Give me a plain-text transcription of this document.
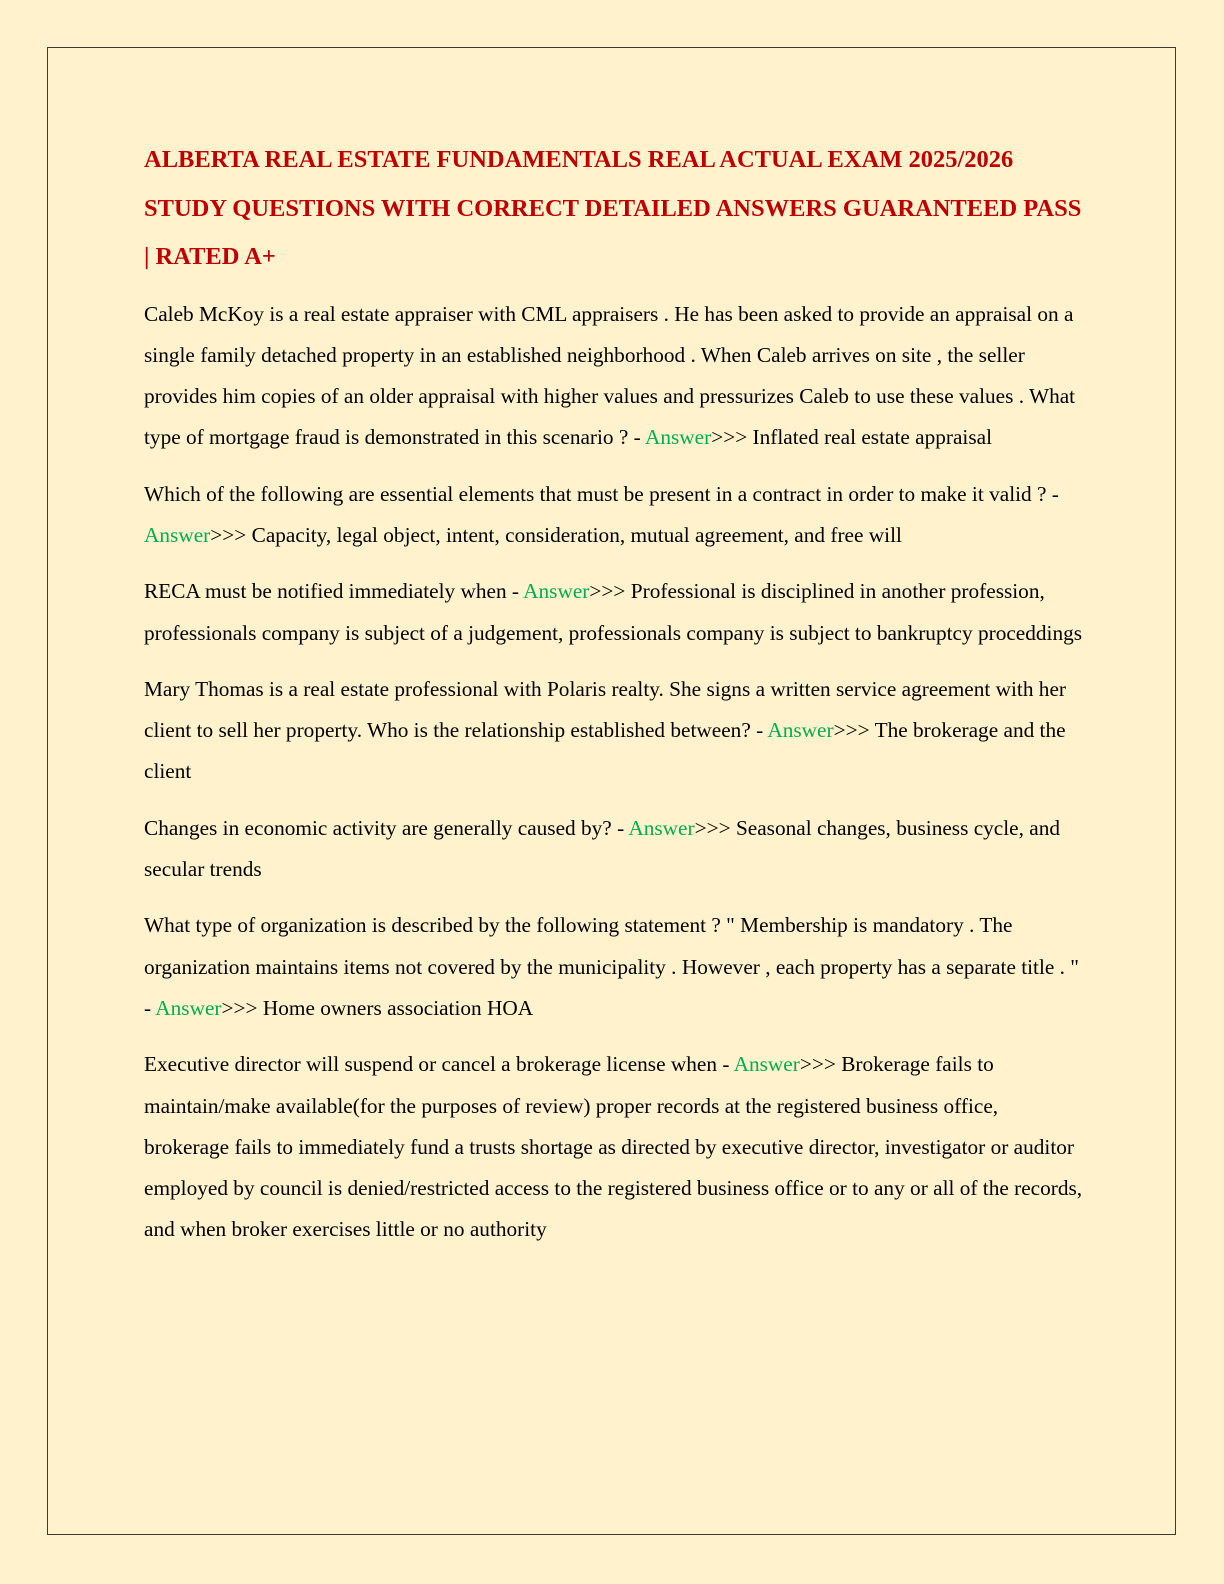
ALBERTA REAL ESTATE FUNDAMENTALS REAL ACTUAL EXAM 2025/2026 STUDY QUESTIONS WITH CORRECT DETAILED ANSWERS GUARANTEED PASS | RATED A+

Caleb McKoy is a real estate appraiser with CML appraisers . He has been asked to provide an appraisal on a single family detached property in an established neighborhood . When Caleb arrives on site , the seller provides him copies of an older appraisal with higher values and pressurizes Caleb to use these values . What type of mortgage fraud is demonstrated in this scenario ? - Answer>>> Inflated real estate appraisal

Which of the following are essential elements that must be present in a contract in order to make it valid ? - Answer>>> Capacity, legal object, intent, consideration, mutual agreement, and free will

RECA must be notified immediately when - Answer>>> Professional is disciplined in another profession, professionals company is subject of a judgement, professionals company is subject to bankruptcy proceddings

Mary Thomas is a real estate professional with Polaris realty. She signs a written service agreement with her client to sell her property. Who is the relationship established between? - Answer>>> The brokerage and the client

Changes in economic activity are generally caused by? - Answer>>> Seasonal changes, business cycle, and secular trends

What type of organization is described by the following statement ? " Membership is mandatory . The organization maintains items not covered by the municipality . However , each property has a separate title . " - Answer>>> Home owners association HOA

Executive director will suspend or cancel a brokerage license when - Answer>>> Brokerage fails to maintain/make available(for the purposes of review) proper records at the registered business office, brokerage fails to immediately fund a trusts shortage as directed by executive director, investigator or auditor employed by council is denied/restricted access to the registered business office or to any or all of the records, and when broker exercises little or no authority
